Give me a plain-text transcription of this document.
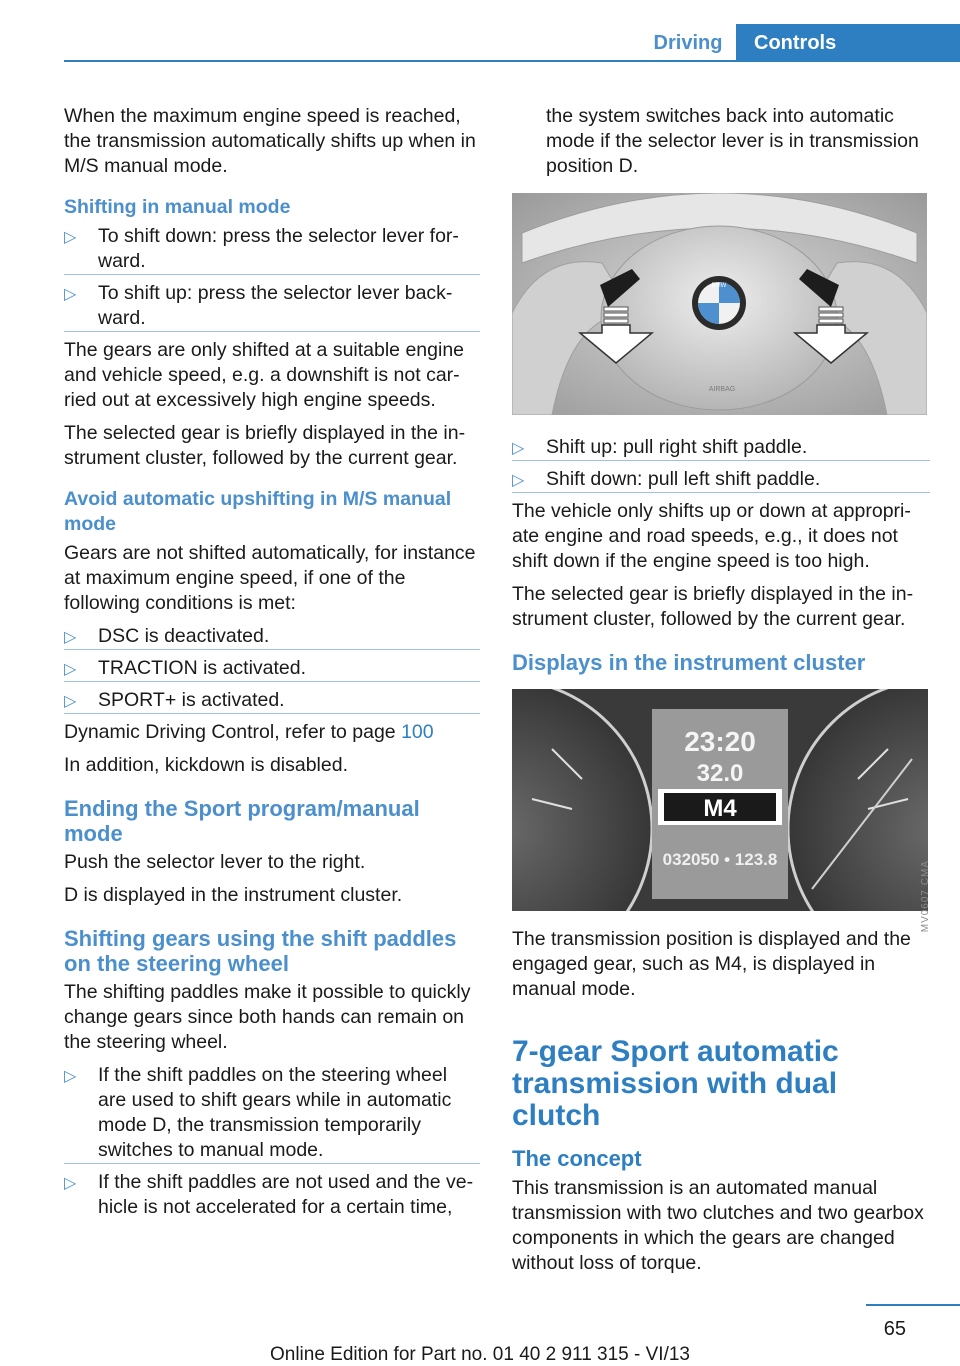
Driving	Controls

When the maximum engine speed is reached, the transmission automatically shifts up when in M/S manual mode.

Shifting in manual mode
▷ To shift down: press the selector lever forward.
▷ To shift up: press the selector lever backward.

The gears are only shifted at a suitable engine and vehicle speed, e.g. a downshift is not carried out at excessively high engine speeds.

The selected gear is briefly displayed in the instrument cluster, followed by the current gear.

Avoid automatic upshifting in M/S manual mode

Gears are not shifted automatically, for instance at maximum engine speed, if one of the following conditions is met:

▷ DSC is deactivated.
▷ TRACTION is activated.
▷ SPORT+ is activated.

Dynamic Driving Control, refer to page 100

In addition, kickdown is disabled.

Ending the Sport program/manual mode

Push the selector lever to the right.

D is displayed in the instrument cluster.

Shifting gears using the shift paddles on the steering wheel

The shifting paddles make it possible to quickly change gears since both hands can remain on the steering wheel.

▷ If the shift paddles on the steering wheel are used to shift gears while in automatic mode D, the transmission temporarily switches to manual mode.
▷ If the shift paddles are not used and the vehicle is not accelerated for a certain time,

the system switches back into automatic mode if the selector lever is in transmission position D.

BMW
AIRBAG
▷ Shift up: pull right shift paddle.
▷ Shift down: pull left shift paddle.

The vehicle only shifts up or down at appropriate engine and road speeds, e.g., it does not shift down if the engine speed is too high.

The selected gear is briefly displayed in the instrument cluster, followed by the current gear.

Displays in the instrument cluster
23:20
32.0
M4
032050 • 123.8

The transmission position is displayed and the engaged gear, such as M4, is displayed in manual mode.

7-gear Sport automatic transmission with dual clutch
The concept

This transmission is an automated manual transmission with two clutches and two gearbox components in which the gears are changed without loss of torque.

MV0607 CMA
65
Online Edition for Part no. 01 40 2 911 315 - VI/13
